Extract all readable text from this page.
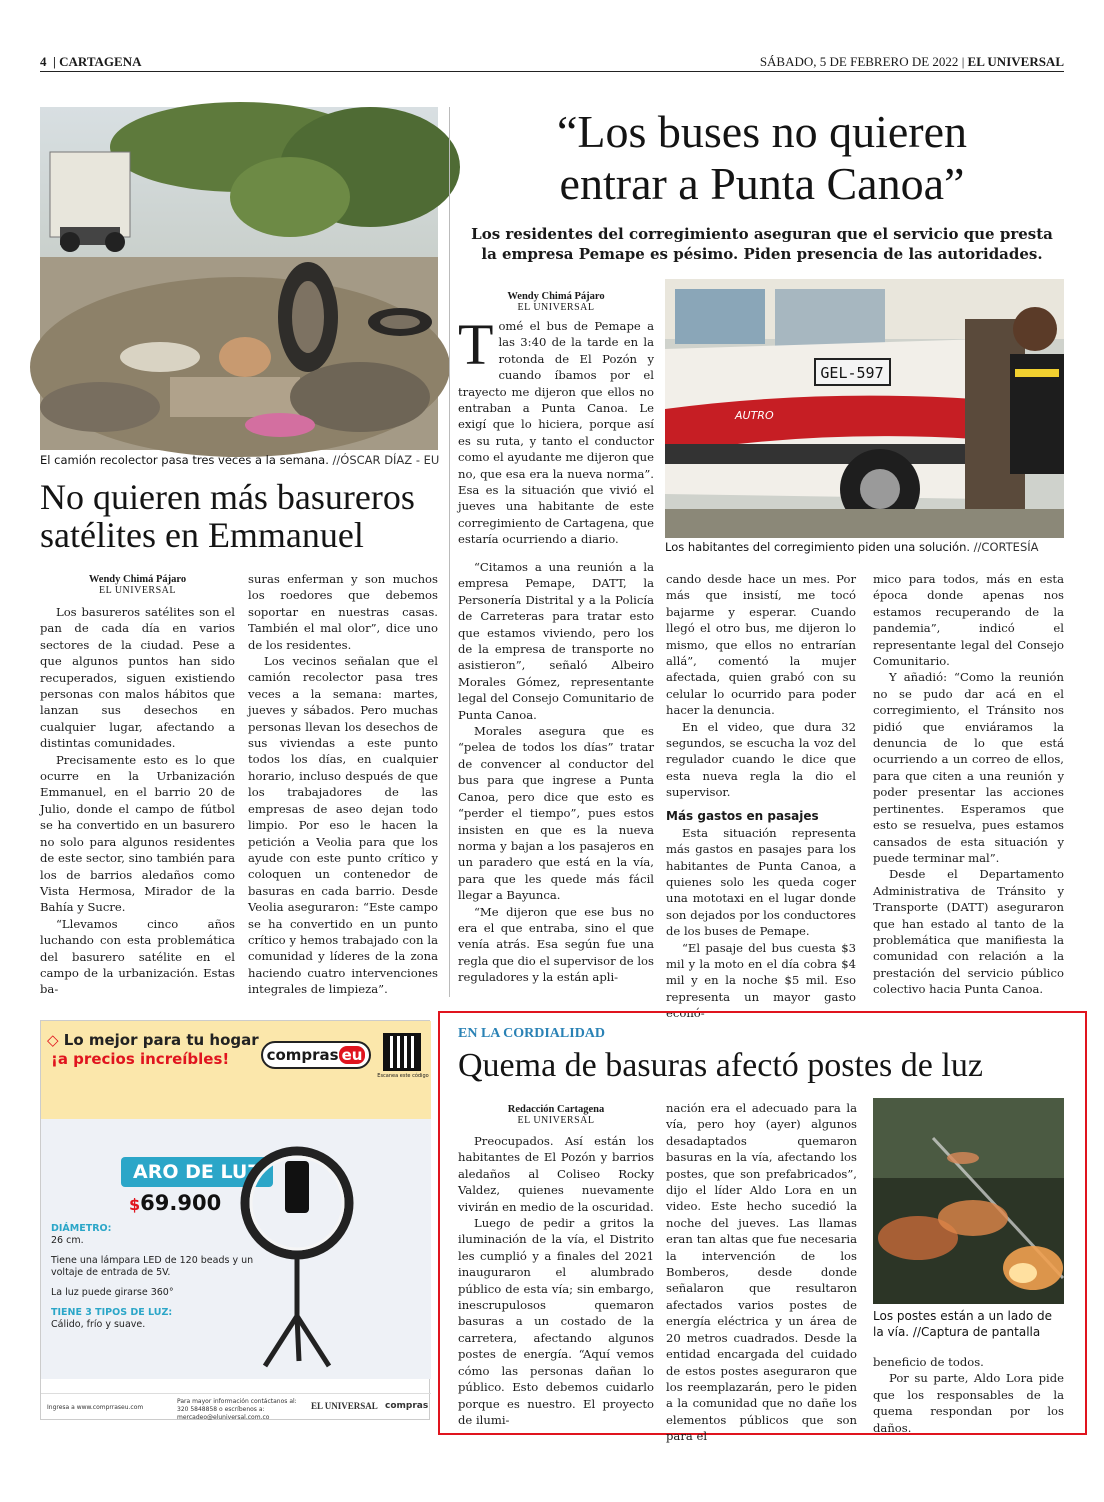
4  | CARTAGENA	SÁBADO, 5 DE FEBRERO DE 2022 | EL UNIVERSAL
El camión recolector pasa tres veces a la semana. //ÓSCAR DÍAZ - EU
No quieren más basureros satélites en Emmanuel
Wendy Chimá Pájaro
EL UNIVERSAL

Los basureros satélites son el pan de cada día en varios sectores de la ciudad. Pese a que algunos puntos han sido recuperados, siguen existiendo personas con malos hábitos que lanzan sus desechos en cualquier lugar, afectando a distintas comunidades.

Precisamente esto es lo que ocurre en la Urbanización Emmanuel, en el barrio 20 de Julio, donde el campo de fútbol se ha convertido en un basurero no solo para algunos residentes de este sector, sino también para los de barrios aledaños como Vista Hermosa, Mirador de la Bahía y Sucre.

“Llevamos cinco años luchando con esta problemática del basurero satélite en el campo de la urbanización. Estas ba-

suras enferman y son muchos los roedores que debemos soportar en nuestras casas. También el mal olor”, dice uno de los residentes.

Los vecinos señalan que el camión recolector pasa tres veces a la semana: martes, jueves y sábados. Pero muchas personas llevan los desechos de sus viviendas a este punto todos los días, en cualquier horario, incluso después de que los trabajadores de las empresas de aseo dejan todo limpio. Por eso le hacen la petición a Veolia para que los ayude con este punto crítico y coloquen un contenedor de basuras en cada barrio. Desde Veolia aseguraron: “Este campo se ha convertido en un punto crítico y hemos trabajado con la comunidad y líderes de la zona haciendo cuatro intervenciones integrales de limpieza”.

“Los buses no quieren
entrar a Punta Canoa”
Los residentes del corregimiento aseguran que el servicio que presta
la empresa Pemape es pésimo. Piden presencia de las autoridades.
Wendy Chimá Pájaro
EL UNIVERSAL
Tomé el bus de Pemape a las 3:40 de la tarde en la rotonda de El Pozón y cuando íbamos por el trayecto me dijeron que ellos no entraban a Punta Canoa. Le exigí que lo hiciera, porque así es su ruta, y tanto el conductor como el ayudante me dijeron que no, que esa era la nueva norma”. Esa es la situación que vivió el jueves una habitante de este corregimiento de Cartagena, que estaría ocurriendo a diario.
GEL-597
AUTRO
Los habitantes del corregimiento piden una solución. //CORTESÍA

“Citamos a una reunión a la empresa Pemape, DATT, la Personería Distrital y a la Policía de Carreteras para tratar esto que estamos viviendo, pero los de la empresa de transporte no asistieron”, señaló Albeiro Morales Gómez, representante legal del Consejo Comunitario de Punta Canoa.

Morales asegura que es “pelea de todos los días” tratar de convencer al conductor del bus para que ingrese a Punta Canoa, pero dice que esto es “perder el tiempo”, pues estos insisten en que es la nueva norma y bajan a los pasajeros en un paradero que está en la vía, para que les quede más fácil llegar a Bayunca.

“Me dijeron que ese bus no era el que entraba, sino el que venía atrás. Esa según fue una regla que dio el supervisor de los reguladores y la están apli-

cando desde hace un mes. Por más que insistí, me tocó bajarme y esperar. Cuando llegó el otro bus, me dijeron lo mismo, que ellos no entrarían allá”, comentó la mujer afectada, quien grabó con su celular lo ocurrido para poder hacer la denuncia.

En el video, que dura 32 segundos, se escucha la voz del regulador cuando le dice que esta nueva regla la dio el supervisor.

Más gastos en pasajes

Esta situación representa más gastos en pasajes para los habitantes de Punta Canoa, a quienes solo les queda coger una mototaxi en el lugar donde son dejados por los conductores de los buses de Pemape.

“El pasaje del bus cuesta $3 mil y la moto en el día cobra $4 mil y en la noche $5 mil. Eso representa un mayor gasto econó-

mico para todos, más en esta época donde apenas nos estamos recuperando de la pandemia”, indicó el representante legal del Consejo Comunitario.

Y añadió: “Como la reunión no se pudo dar acá en el corregimiento, el Tránsito nos pidió que enviáramos la denuncia de lo que está ocurriendo a un correo de ellos, para que citen a una reunión y poder presentar las acciones pertinentes. Esperamos que esto se resuelva, pues estamos cansados de esta situación y puede terminar mal”.

Desde el Departamento Administrativa de Tránsito y Transporte (DATT) aseguraron que han estado al tanto de la problemática que manifiesta la comunidad con relación a la prestación del servicio público colectivo hacia Punta Canoa.

◇ Lo mejor para tu hogar
¡a precios increíbles!	compras eu
Escanea este código
ARO DE LUZ
$69.900
DIÁMETRO:
26 cm.
Tiene una lámpara LED de 120 beads y un voltaje de entrada de 5V.
La luz puede girarse 360°
TIENE 3 TIPOS DE LUZ:
Cálido, frío y suave.
Ingresa a www.comprraseu.com
Para mayor información contáctanos al: 320 5848858 o escríbenos a: mercadeo@eluniversal.com.co
EL UNIVERSAL compras
EN LA CORDIALIDAD
Quema de basuras afectó postes de luz
Redacción Cartagena
EL UNIVERSAL

Preocupados. Así están los habitantes de El Pozón y barrios aledaños al Coliseo Rocky Valdez, quienes nuevamente vivirán en medio de la oscuridad.

Luego de pedir a gritos la iluminación de la vía, el Distrito les cumplió y a finales del 2021 inauguraron el alumbrado público de esta vía; sin embargo, inescrupulosos quemaron basuras a un costado de la carretera, afectando algunos postes de energía. “Aquí vemos cómo las personas dañan lo público. Esto debemos cuidarlo porque es nuestro. El proyecto de ilumi-

nación era el adecuado para la vía, pero hoy (ayer) algunos desadaptados quemaron basuras en la vía, afectando los postes, que son prefabricados”, dijo el líder Aldo Lora en un video. Este hecho sucedió la noche del jueves. Las llamas eran tan altas que fue necesaria la intervención de los Bomberos, desde donde señalaron que resultaron afectados varios postes de energía eléctrica y un área de 20 metros cuadrados. Desde la entidad encargada del cuidado de estos postes aseguraron que los reemplazarán, pero le piden a la comunidad que no dañe los elementos públicos que son para el

Los postes están a un lado de la vía. //Captura de pantalla

beneficio de todos.

Por su parte, Aldo Lora pide que los responsables de la quema respondan por los daños.
